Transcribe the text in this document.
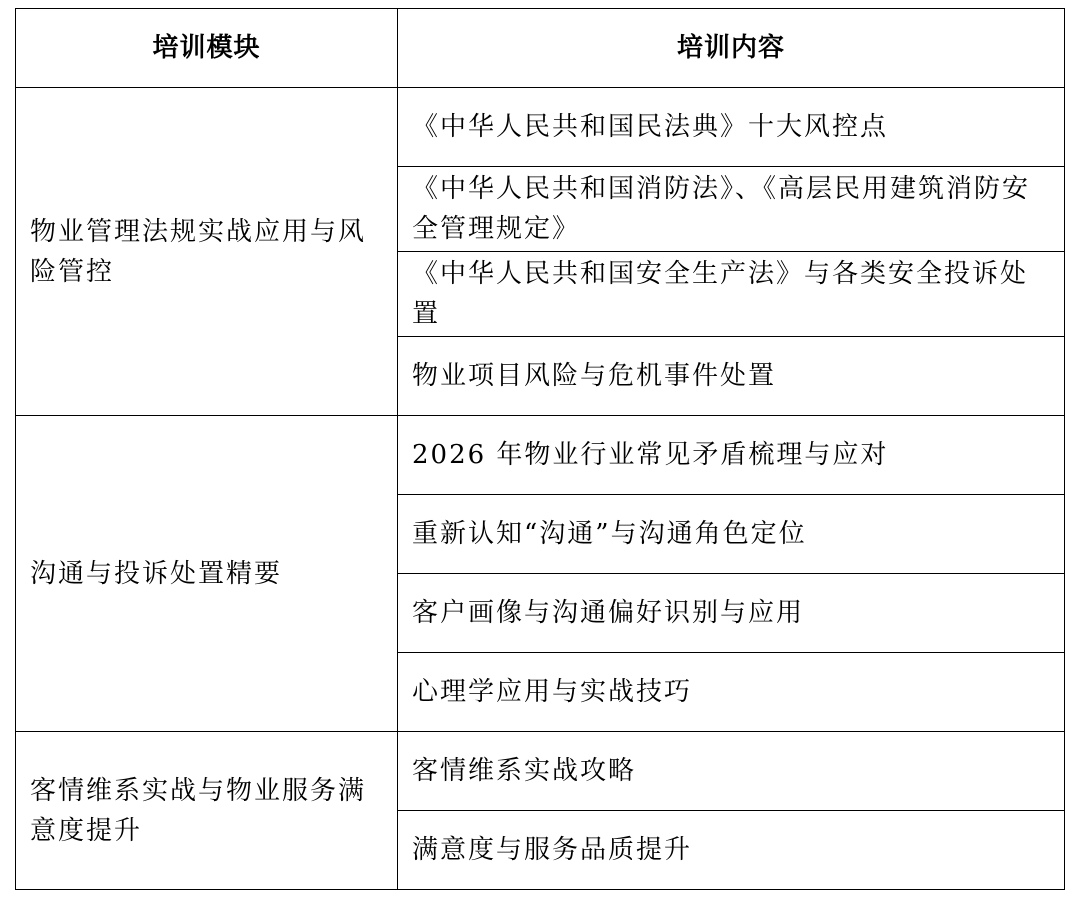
培训模块	培训内容
物业管理法规实战应用与风险管控	《中华人民共和国民法典》十大风控点
	《中华人民共和国消防法》、《高层民用建筑消防安全管理规定》
	《中华人民共和国安全生产法》与各类安全投诉处置
	物业项目风险与危机事件处置
沟通与投诉处置精要	2026 年物业行业常见矛盾梳理与应对
	重新认知“沟通”与沟通角色定位
	客户画像与沟通偏好识别与应用
	心理学应用与实战技巧
客情维系实战与物业服务满意度提升	客情维系实战攻略
	满意度与服务品质提升
